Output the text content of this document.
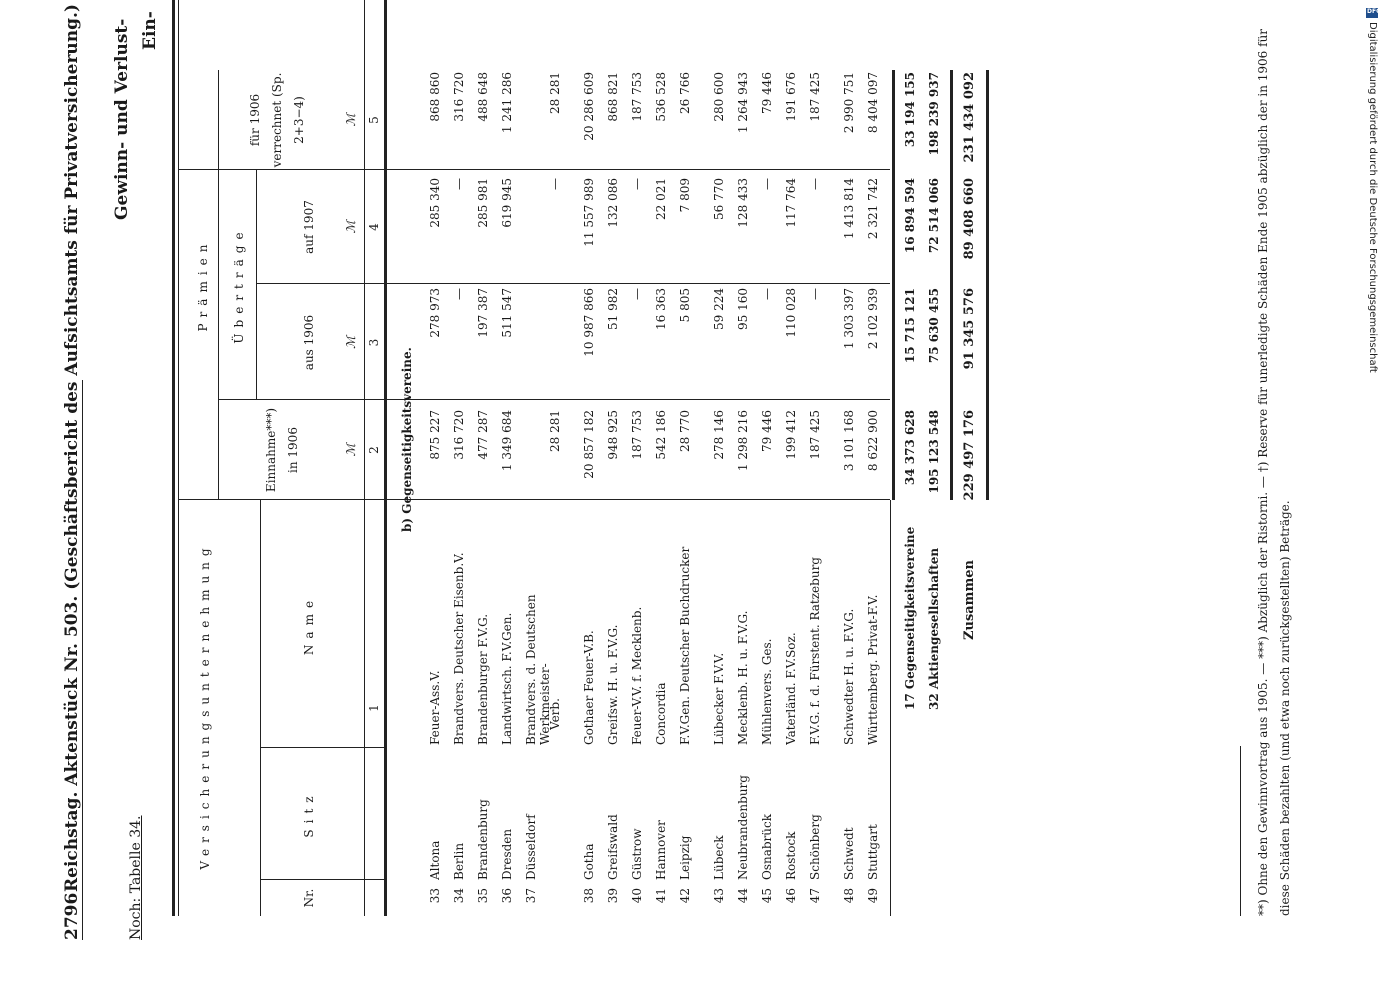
2796
Reichstag. Aktenstück Nr. 503. (Geschäftsbericht des Aufsichtsamts für Privatversicherung.) Gewinn- und Verlust- Ein-
Noch: Tabelle 34.
Versicherungsunternehmung
Prämien Überträge
Nr.
Sitz
Name
Einnahme***) in 1906
aus 1906
auf 1907
für 1906 verrechnet (Sp. 2+3−4)
ℳ
ℳ
ℳ
ℳ
1
2
3
4
5
b) Gegenseitigkeitsvereine.
33
Altona
Feuer-Ass.V.
875 227
278 973
285 340
868 860
34
Berlin
Brandvers. Deutscher Eisenb.V.
316 720
—
—
316 720
35
Brandenburg
Brandenburger F.V.G.
477 287
197 387
285 981
488 648
36
Dresden
Landwirtsch. F.V.Gen.
1 349 684
511 547
619 945
1 241 286
37
Düsseldorf
Brandvers. d. Deutschen Werkmeister-
Verb.
28 281
—
28 281
38
Gotha
Gothaer Feuer-V.B.
20 857 182
10 987 866
11 557 989
20 286 609
39
Greifswald
Greifsw. H. u. F.V.G.
948 925
51 982
132 086
868 821
40
Güstrow
Feuer-V.V. f. Mecklenb.
187 753
—
—
187 753
41
Hannover
Concordia
542 186
16 363
22 021
536 528
42
Leipzig
F.V.Gen. Deutscher Buchdrucker
28 770
5 805
7 809
26 766
43
Lübeck
Lübecker F.V.V.
278 146
59 224
56 770
280 600
44
Neubrandenburg
Mecklenb. H. u. F.V.G.
1 298 216
95 160
128 433
1 264 943
45
Osnabrück
Mühlenvers. Ges.
79 446
—
—
79 446
46
Rostock
Vaterländ. F.V.Soz.
199 412
110 028
117 764
191 676
47
Schönberg
F.V.G. f. d. Fürstent. Ratzeburg
187 425
—
—
187 425
48
Schwedt
Schwedter H. u. F.V.G.
3 101 168
1 303 397
1 413 814
2 990 751
49
Stuttgart
Württemberg. Privat-F.V.
8 622 900
2 102 939
2 321 742
8 404 097
17 Gegenseitigkeitsvereine
34 373 628
15 715 121
16 894 594
33 194 155
32 Aktiengesellschaften
195 123 548
75 630 455
72 514 066
198 239 937
Zusammen
229 497 176
91 345 576
89 408 660
231 434 092	**) Ohne den Gewinnvortrag aus 1905. — ***) Abzüglich der Ristorni. — †) Reserve für unerledigte Schäden Ende 1905 abzüglich der in 1906 für diese Schäden bezahlten (und etwa noch zurückgestellten) Beträge.
DFG
Digitalisierung gefördert durch die Deutsche Forschungsgemeinschaft
